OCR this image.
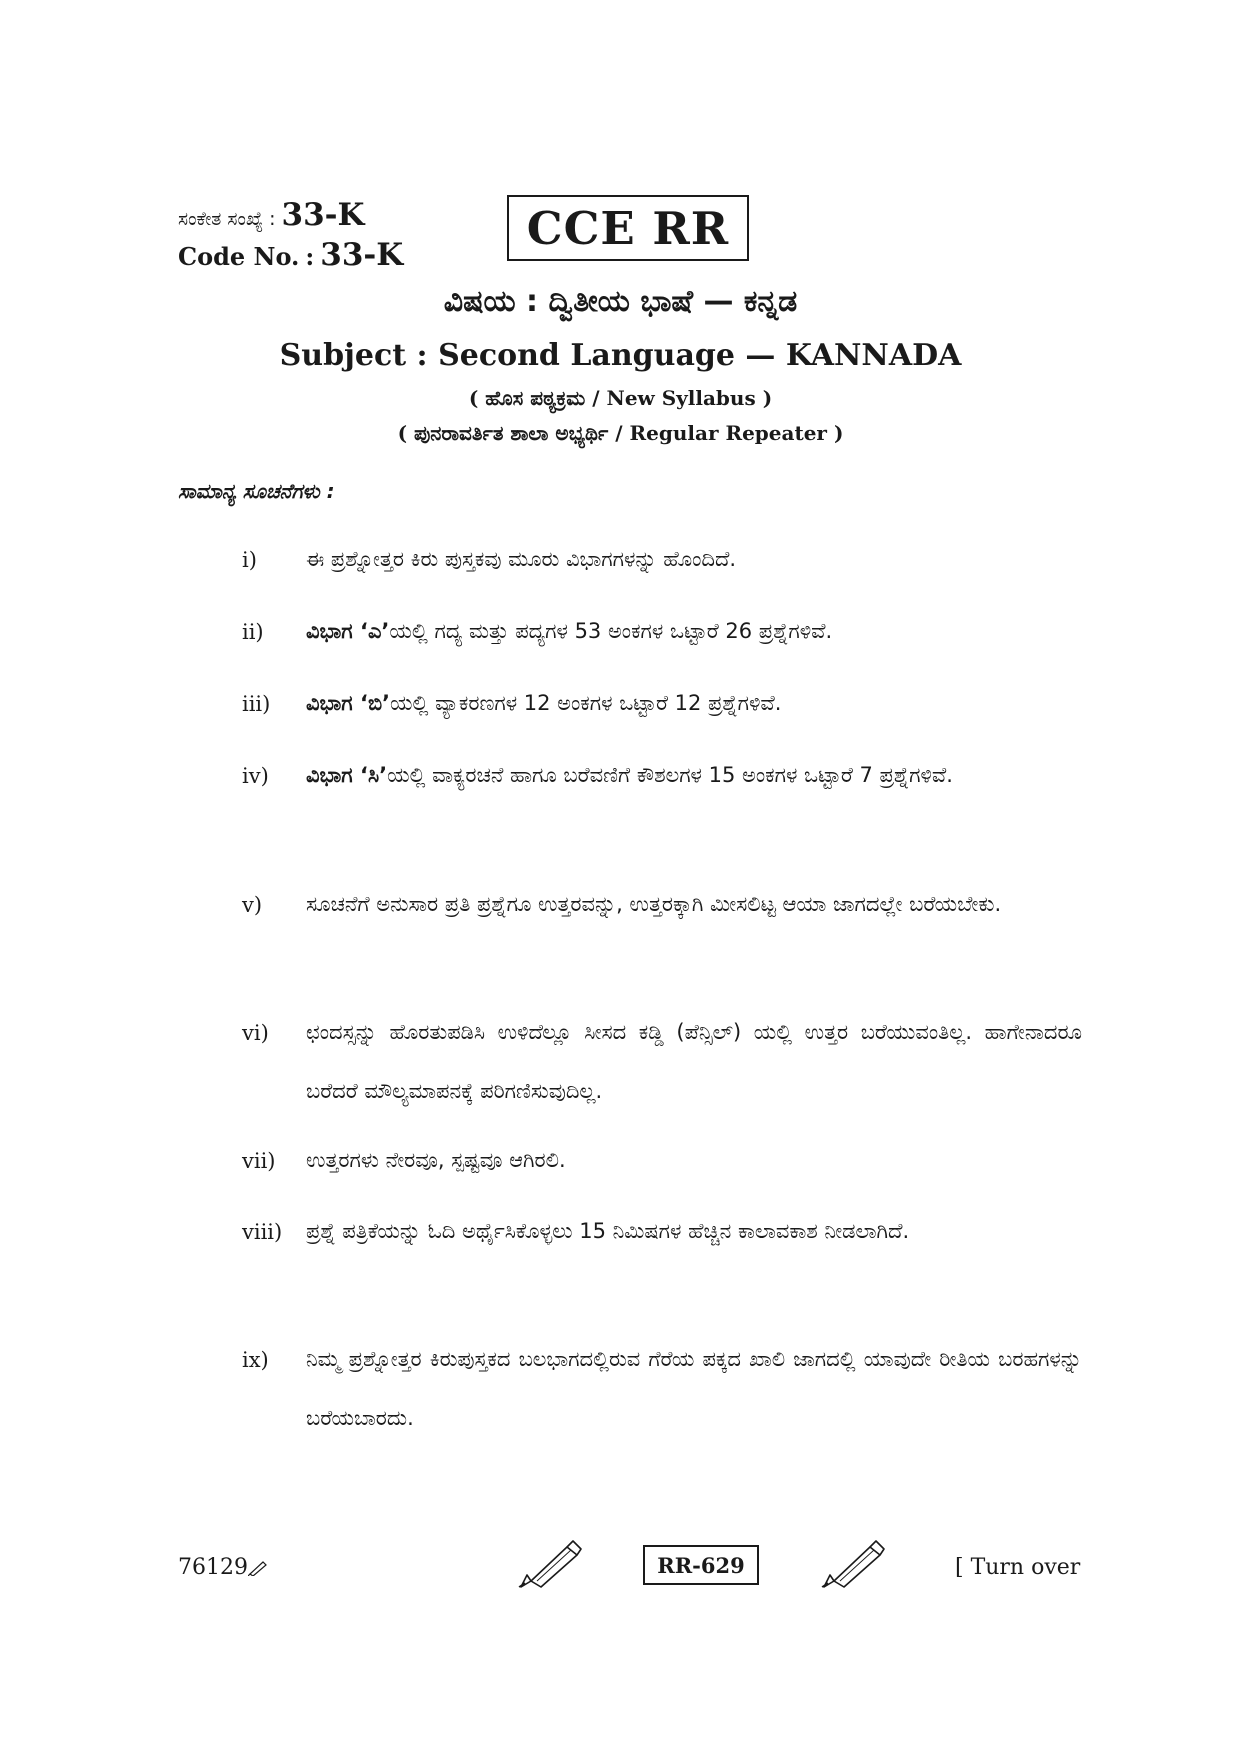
ಸಂಕೇತ ಸಂಖ್ಯೆ : 33-K
Code No. : 33-K
CCE RR
ವಿಷಯ : ದ್ವಿತೀಯ ಭಾಷೆ — ಕನ್ನಡ
Subject : Second Language — KANNADA
( ಹೊಸ ಪಠ್ಯಕ್ರಮ / New Syllabus )
( ಪುನರಾವರ್ತಿತ ಶಾಲಾ ಅಭ್ಯರ್ಥಿ / Regular Repeater )
ಸಾಮಾನ್ಯ ಸೂಚನೆಗಳು :
i) ಈ ಪ್ರಶ್ನೋತ್ತರ ಕಿರು ಪುಸ್ತಕವು ಮೂರು ವಿಭಾಗಗಳನ್ನು ಹೊಂದಿದೆ.
ii) ವಿಭಾಗ ‘ಎ’ಯಲ್ಲಿ ಗದ್ಯ ಮತ್ತು ಪದ್ಯಗಳ 53 ಅಂಕಗಳ ಒಟ್ಟಾರೆ 26 ಪ್ರಶ್ನೆಗಳಿವೆ.
iii) ವಿಭಾಗ ‘ಬಿ’ಯಲ್ಲಿ ವ್ಯಾಕರಣಗಳ 12 ಅಂಕಗಳ ಒಟ್ಟಾರೆ 12 ಪ್ರಶ್ನೆಗಳಿವೆ.
iv) ವಿಭಾಗ ‘ಸಿ’ಯಲ್ಲಿ ವಾಕ್ಯರಚನೆ ಹಾಗೂ ಬರೆವಣಿಗೆ ಕೌಶಲಗಳ 15 ಅಂಕಗಳ ಒಟ್ಟಾರೆ 7 ಪ್ರಶ್ನೆಗಳಿವೆ.
v) ಸೂಚನೆಗೆ ಅನುಸಾರ ಪ್ರತಿ ಪ್ರಶ್ನೆಗೂ ಉತ್ತರವನ್ನು, ಉತ್ತರಕ್ಕಾಗಿ ಮೀಸಲಿಟ್ಟ ಆಯಾ ಜಾಗದಲ್ಲೇ ಬರೆಯಬೇಕು.
vi) ಛಂದಸ್ಸನ್ನು ಹೊರತುಪಡಿಸಿ ಉಳಿದೆಲ್ಲೂ ಸೀಸದ ಕಡ್ಡಿ (ಪೆನ್ಸಿಲ್) ಯಲ್ಲಿ ಉತ್ತರ ಬರೆಯುವಂತಿಲ್ಲ. ಹಾಗೇನಾದರೂ ಬರೆದರೆ ಮೌಲ್ಯಮಾಪನಕ್ಕೆ ಪರಿಗಣಿಸುವುದಿಲ್ಲ.
vii) ಉತ್ತರಗಳು ನೇರವೂ, ಸ್ಪಷ್ಟವೂ ಆಗಿರಲಿ.
viii) ಪ್ರಶ್ನೆ ಪತ್ರಿಕೆಯನ್ನು ಓದಿ ಅರ್ಥೈಸಿಕೊಳ್ಳಲು 15 ನಿಮಿಷಗಳ ಹೆಚ್ಚಿನ ಕಾಲಾವಕಾಶ ನೀಡಲಾಗಿದೆ.
ix) ನಿಮ್ಮ ಪ್ರಶ್ನೋತ್ತರ ಕಿರುಪುಸ್ತಕದ ಬಲಭಾಗದಲ್ಲಿರುವ ಗೆರೆಯ ಪಕ್ಕದ ಖಾಲಿ ಜಾಗದಲ್ಲಿ ಯಾವುದೇ ರೀತಿಯ ಬರಹಗಳನ್ನು ಬರೆಯಬಾರದು.
76129	RR-629	[ Turn over
